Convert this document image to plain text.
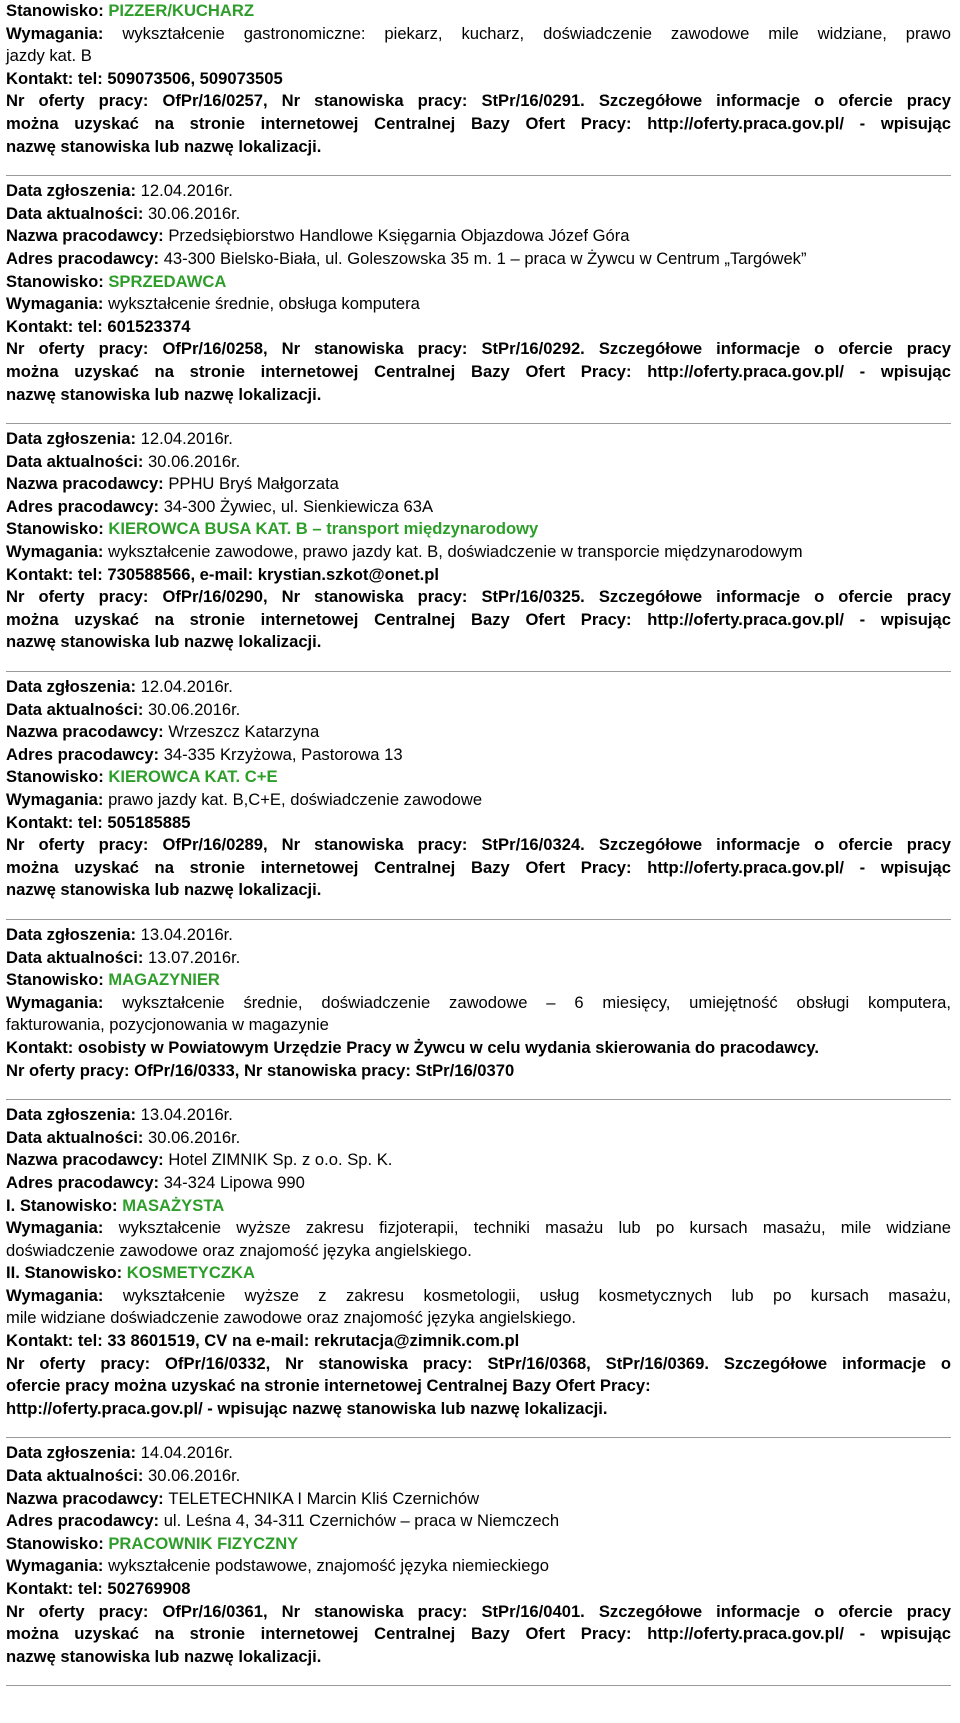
Stanowisko: PIZZER/KUCHARZ
Wymagania: wykształcenie gastronomiczne: piekarz, kucharz, doświadczenie zawodowe mile widziane, prawo
jazdy kat. B
Kontakt: tel: 509073506, 509073505
Nr oferty pracy: OfPr/16/0257, Nr stanowiska pracy: StPr/16/0291. Szczegółowe informacje o ofercie pracy
można uzyskać na stronie internetowej Centralnej Bazy Ofert Pracy: http://oferty.praca.gov.pl/ - wpisując
nazwę stanowiska lub nazwę lokalizacji.
Data zgłoszenia: 12.04.2016r.
Data aktualności: 30.06.2016r.
Nazwa pracodawcy: Przedsiębiorstwo Handlowe Księgarnia Objazdowa Józef Góra
Adres pracodawcy: 43-300 Bielsko-Biała, ul. Goleszowska 35 m. 1 – praca w Żywcu w Centrum „Targówek”
Stanowisko: SPRZEDAWCA
Wymagania: wykształcenie średnie, obsługa komputera
Kontakt: tel: 601523374
Nr oferty pracy: OfPr/16/0258, Nr stanowiska pracy: StPr/16/0292. Szczegółowe informacje o ofercie pracy
można uzyskać na stronie internetowej Centralnej Bazy Ofert Pracy: http://oferty.praca.gov.pl/ - wpisując
nazwę stanowiska lub nazwę lokalizacji.
Data zgłoszenia: 12.04.2016r.
Data aktualności: 30.06.2016r.
Nazwa pracodawcy: PPHU Bryś Małgorzata
Adres pracodawcy: 34-300 Żywiec, ul. Sienkiewicza 63A
Stanowisko: KIEROWCA BUSA KAT. B – transport międzynarodowy
Wymagania: wykształcenie zawodowe, prawo jazdy kat. B, doświadczenie w transporcie międzynarodowym
Kontakt: tel: 730588566, e-mail: krystian.szkot@onet.pl
Nr oferty pracy: OfPr/16/0290, Nr stanowiska pracy: StPr/16/0325. Szczegółowe informacje o ofercie pracy
można uzyskać na stronie internetowej Centralnej Bazy Ofert Pracy: http://oferty.praca.gov.pl/ - wpisując
nazwę stanowiska lub nazwę lokalizacji.
Data zgłoszenia: 12.04.2016r.
Data aktualności: 30.06.2016r.
Nazwa pracodawcy: Wrzeszcz Katarzyna
Adres pracodawcy: 34-335 Krzyżowa, Pastorowa 13
Stanowisko: KIEROWCA KAT. C+E
Wymagania: prawo jazdy kat. B,C+E, doświadczenie zawodowe
Kontakt: tel: 505185885
Nr oferty pracy: OfPr/16/0289, Nr stanowiska pracy: StPr/16/0324. Szczegółowe informacje o ofercie pracy
można uzyskać na stronie internetowej Centralnej Bazy Ofert Pracy: http://oferty.praca.gov.pl/ - wpisując
nazwę stanowiska lub nazwę lokalizacji.
Data zgłoszenia: 13.04.2016r.
Data aktualności: 13.07.2016r.
Stanowisko: MAGAZYNIER
Wymagania: wykształcenie średnie, doświadczenie zawodowe – 6 miesięcy, umiejętność obsługi komputera,
fakturowania, pozycjonowania w magazynie
Kontakt: osobisty w Powiatowym Urzędzie Pracy w Żywcu w celu wydania skierowania do pracodawcy.
Nr oferty pracy: OfPr/16/0333, Nr stanowiska pracy: StPr/16/0370
Data zgłoszenia: 13.04.2016r.
Data aktualności: 30.06.2016r.
Nazwa pracodawcy: Hotel ZIMNIK Sp. z o.o. Sp. K.
Adres pracodawcy: 34-324 Lipowa 990
I. Stanowisko: MASAŻYSTA
Wymagania: wykształcenie wyższe zakresu fizjoterapii, techniki masażu lub po kursach masażu, mile widziane
doświadczenie zawodowe oraz znajomość języka angielskiego.
II. Stanowisko: KOSMETYCZKA
Wymagania: wykształcenie wyższe z zakresu kosmetologii, usług kosmetycznych lub po kursach masażu,
mile widziane doświadczenie zawodowe oraz znajomość języka angielskiego.
Kontakt: tel: 33 8601519, CV na e-mail: rekrutacja@zimnik.com.pl
Nr oferty pracy: OfPr/16/0332, Nr stanowiska pracy: StPr/16/0368, StPr/16/0369. Szczegółowe informacje o
ofercie pracy można uzyskać na stronie internetowej Centralnej Bazy Ofert Pracy:
http://oferty.praca.gov.pl/ - wpisując nazwę stanowiska lub nazwę lokalizacji.
Data zgłoszenia: 14.04.2016r.
Data aktualności: 30.06.2016r.
Nazwa pracodawcy: TELETECHNIKA I Marcin Kliś Czernichów
Adres pracodawcy: ul. Leśna 4, 34-311 Czernichów – praca w Niemczech
Stanowisko: PRACOWNIK FIZYCZNY
Wymagania: wykształcenie podstawowe, znajomość języka niemieckiego
Kontakt: tel: 502769908
Nr oferty pracy: OfPr/16/0361, Nr stanowiska pracy: StPr/16/0401. Szczegółowe informacje o ofercie pracy
można uzyskać na stronie internetowej Centralnej Bazy Ofert Pracy: http://oferty.praca.gov.pl/ - wpisując
nazwę stanowiska lub nazwę lokalizacji.
